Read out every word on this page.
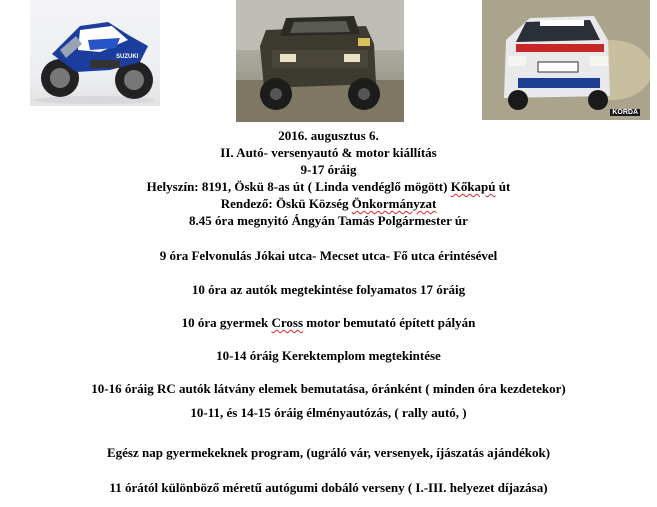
SUZUKI
KORDA
2016. augusztus 6.
II. Autó- versenyautó & motor kiállítás
9-17 óráig
Helyszín: 8191, Öskü 8-as út ( Linda vendéglő mögött) Kőkapú út
Rendező: Öskü Község Önkormányzat
8.45 óra megnyitó Ángyán Tamás Polgármester úr
9 óra Felvonulás Jókai utca- Mecset utca- Fő utca érintésével
10 óra az autók megtekintése folyamatos 17 óráig
10 óra gyermek Cross motor bemutató épített pályán
10-14 óráig Kerektemplom megtekintése
10-16 óráig RC autók látvány elemek bemutatása, óránként ( minden óra kezdetekor)
10-11, és 14-15 óráig élményautózás, ( rally autó, )
Egész nap gyermekeknek program, (ugráló vár, versenyek, íjászatás ajándékok)
11 órától különböző méretű autógumi dobáló verseny ( I.-III. helyezet díjazása)
